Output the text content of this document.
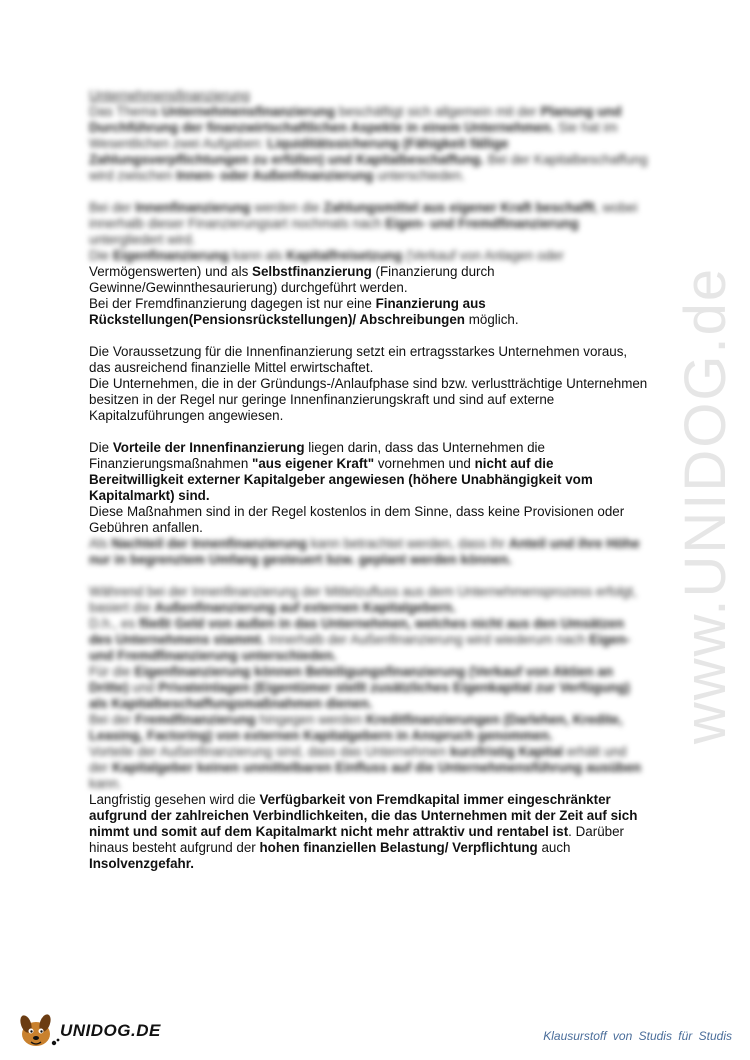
www.UNIDOG.de

Unternehmensfinanzierung

Das Thema Unternehmensfinanzierung beschäftigt sich allgemein mit der Planung und Durchführung der finanzwirtschaftlichen Aspekte in einem Unternehmen. Sie hat im Wesentlichen zwei Aufgaben: Liquiditätssicherung (Fähigkeit fällige Zahlungsverpflichtungen zu erfüllen) und Kapitalbeschaffung. Bei der Kapitalbeschaffung wird zwischen Innen- oder Außenfinanzierung unterschieden.

Bei der Innenfinanzierung werden die Zahlungsmittel aus eigener Kraft beschafft, wobei innerhalb dieser Finanzierungsart nochmals nach Eigen- und Fremdfinanzierung untergliedert wird.

Die Eigenfinanzierung kann als Kapitalfreisetzung (Verkauf von Anlagen oder

Vermögenswerten) und als Selbstfinanzierung (Finanzierung durch Gewinne/Gewinnthesaurierung) durchgeführt werden.

Bei der Fremdfinanzierung dagegen ist nur eine Finanzierung aus Rückstellungen(Pensionsrückstellungen)/ Abschreibungen möglich.

Die Voraussetzung für die Innenfinanzierung setzt ein ertragsstarkes Unternehmen voraus, das ausreichend finanzielle Mittel erwirtschaftet.

Die Unternehmen, die in der Gründungs-/Anlaufphase sind bzw. verlustträchtige Unternehmen besitzen in der Regel nur geringe Innenfinanzierungskraft und sind auf externe Kapitalzuführungen angewiesen.

Die Vorteile der Innenfinanzierung liegen darin, dass das Unternehmen die Finanzierungsmaßnahmen "aus eigener Kraft" vornehmen und nicht auf die Bereitwilligkeit externer Kapitalgeber angewiesen (höhere Unabhängigkeit vom Kapitalmarkt) sind.

Diese Maßnahmen sind in der Regel kostenlos in dem Sinne, dass keine Provisionen oder Gebühren anfallen.

Als Nachteil der Innenfinanzierung kann betrachtet werden, dass ihr Anteil und ihre Höhe nur in begrenztem Umfang gesteuert bzw. geplant werden können.

Während bei der Innenfinanzierung der Mittelzufluss aus dem Unternehmensprozess erfolgt, basiert die Außenfinanzierung auf externen Kapitalgebern.

D.h., es fließt Geld von außen in das Unternehmen, welches nicht aus den Umsätzen des Unternehmens stammt. Innerhalb der Außenfinanzierung wird wiederum nach Eigen- und Fremdfinanzierung unterschieden.

Für die Eigenfinanzierung können Beteiligungsfinanzierung (Verkauf von Aktien an Dritte) und Privateinlagen (Eigentümer stellt zusätzliches Eigenkapital zur Verfügung) als Kapitalbeschaffungsmaßnahmen dienen.

Bei der Fremdfinanzierung hingegen werden Kreditfinanzierungen (Darlehen, Kredite, Leasing, Factoring) von externen Kapitalgebern in Anspruch genommen.

Vorteile der Außenfinanzierung sind, dass das Unternehmen kurzfristig Kapital erhält und der Kapitalgeber keinen unmittelbaren Einfluss auf die Unternehmensführung ausüben kann.

Langfristig gesehen wird die Verfügbarkeit von Fremdkapital immer eingeschränkter aufgrund der zahlreichen Verbindlichkeiten, die das Unternehmen mit der Zeit auf sich nimmt und somit auf dem Kapitalmarkt nicht mehr attraktiv und rentabel ist. Darüber hinaus besteht aufgrund der hohen finanziellen Belastung/ Verpflichtung auch Insolvenzgefahr.

UNIDOG.DE	Klausurstoff von Studis für Studis
